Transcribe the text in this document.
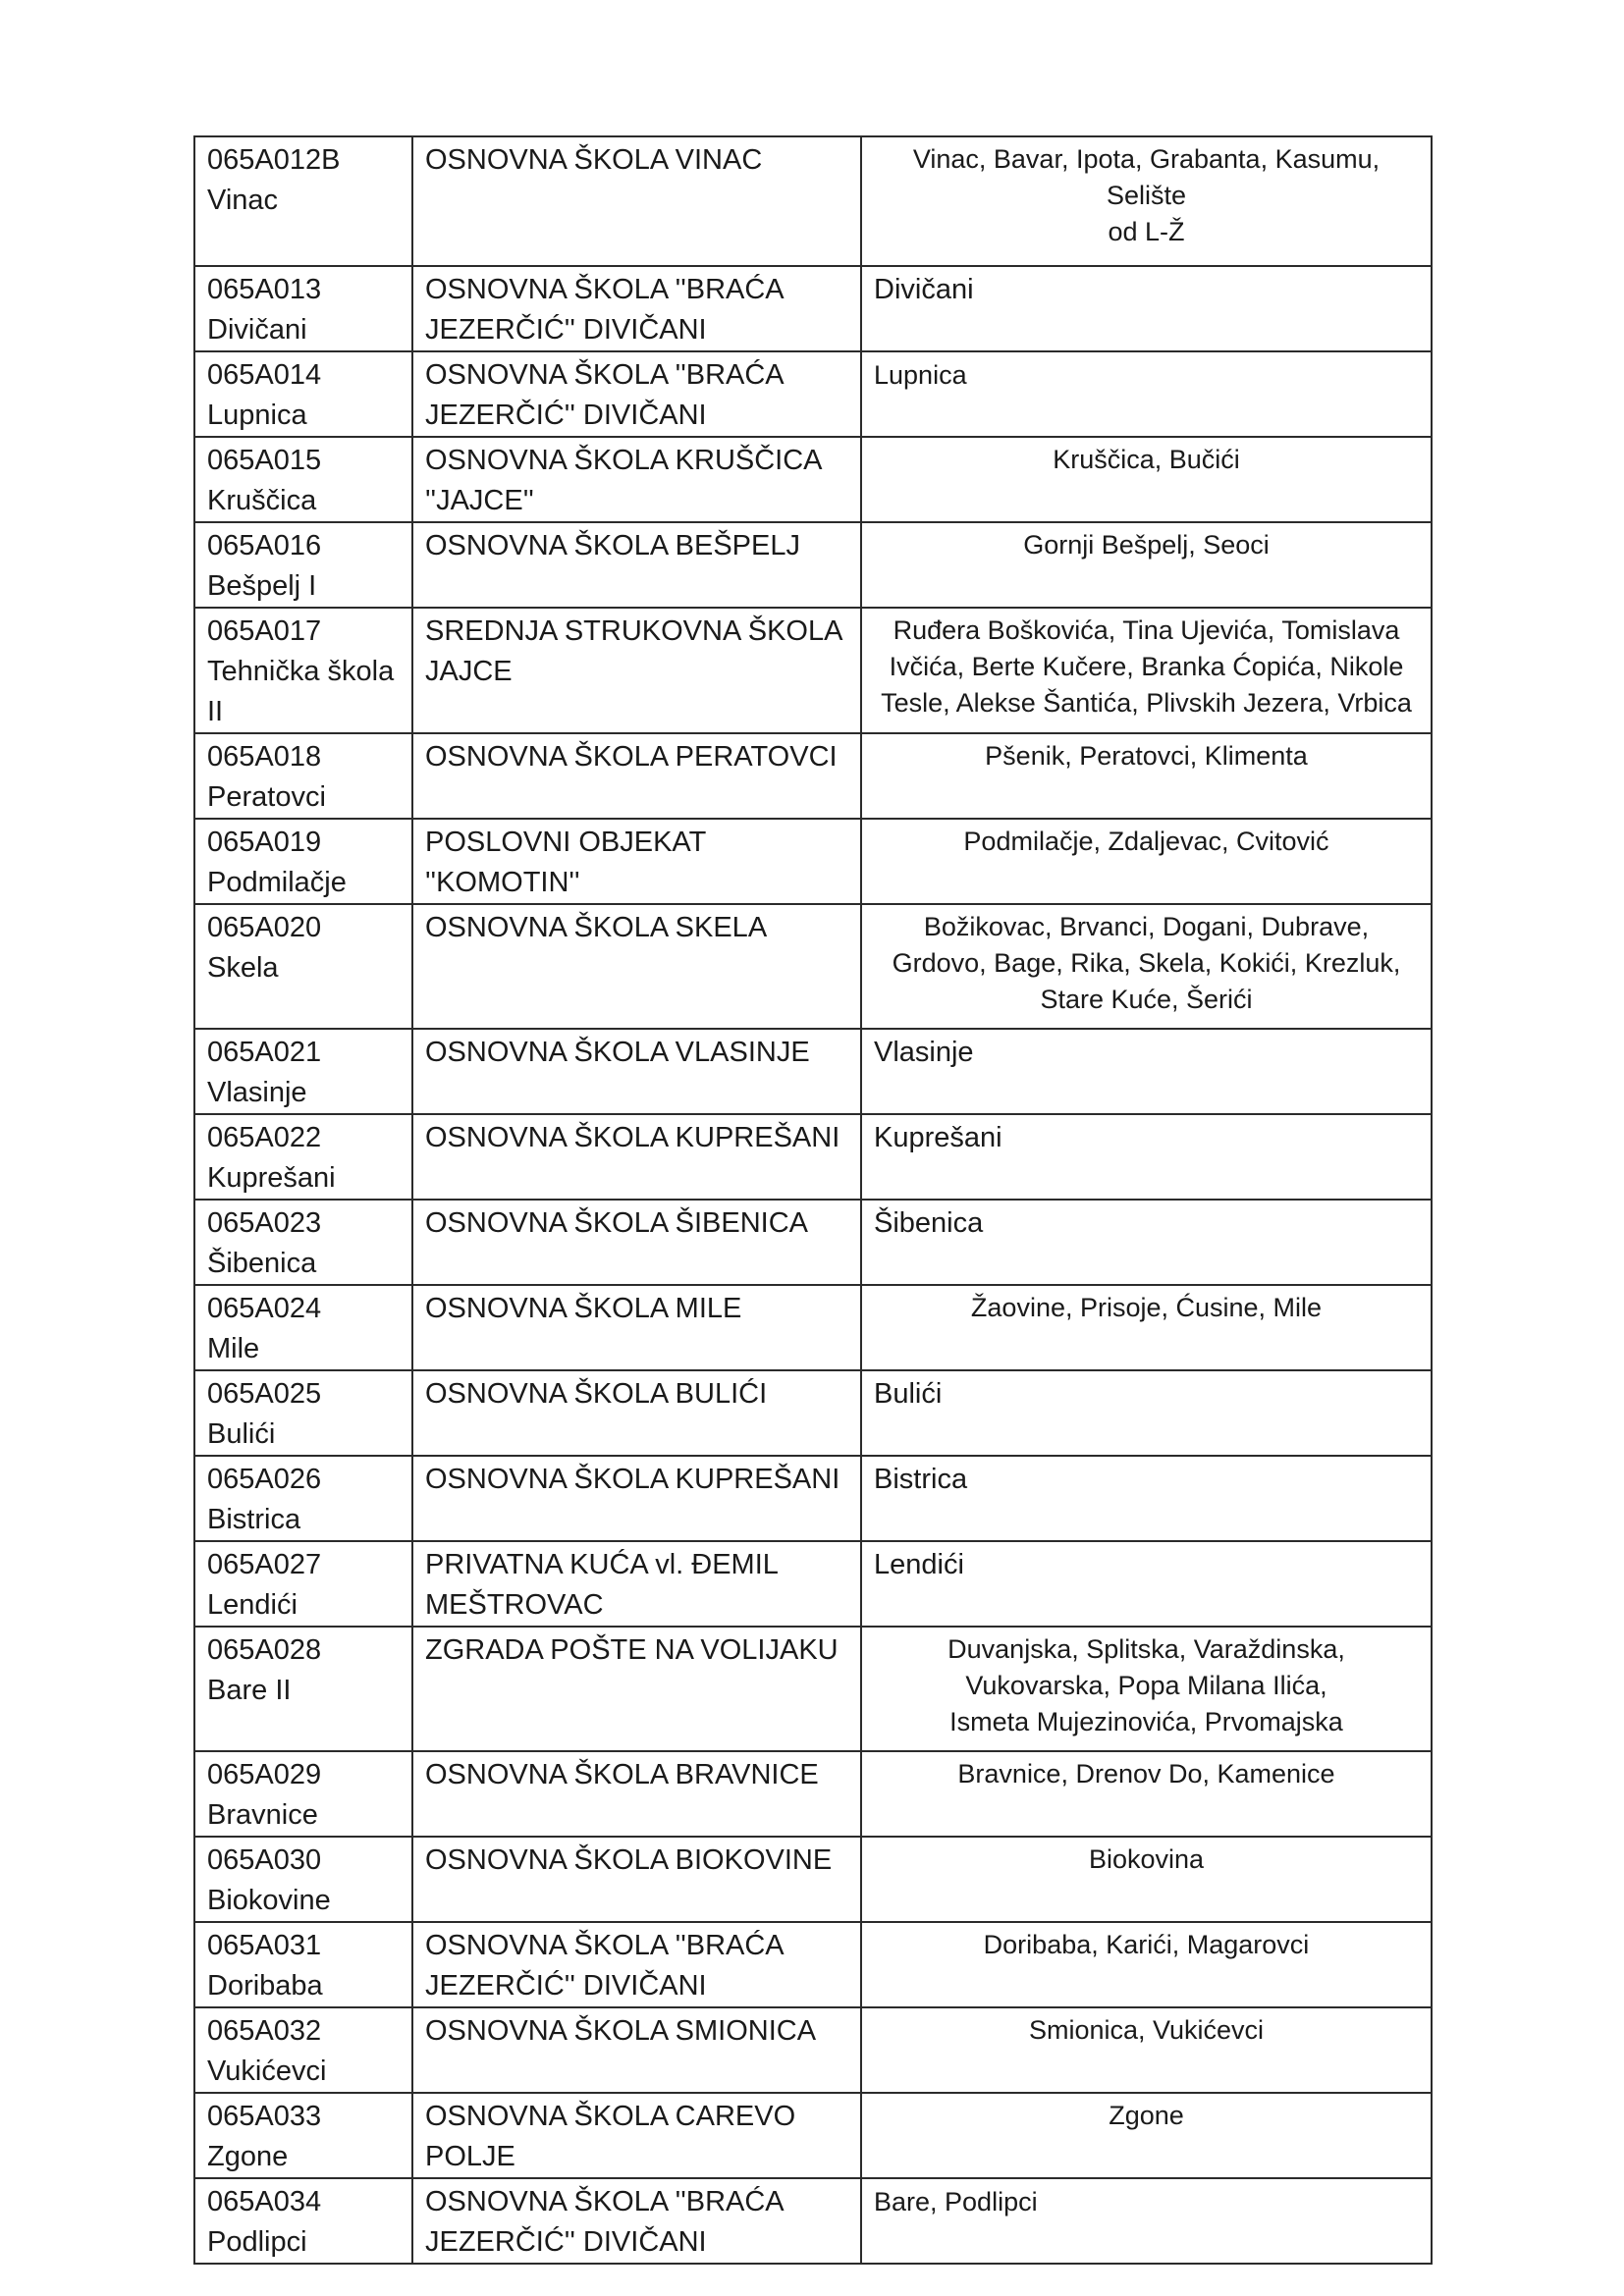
065A012B
Vinac	OSNOVNA ŠKOLA VINAC	Vinac, Bavar, Ipota, Grabanta, Kasumu,
Selište
od L-Ž

065A013
Divičani	OSNOVNA ŠKOLA ''BRAĆA JEZERČIĆ'' DIVIČANI	Divičani

065A014
Lupnica	OSNOVNA ŠKOLA ''BRAĆA JEZERČIĆ'' DIVIČANI	Lupnica

065A015
Kruščica	OSNOVNA ŠKOLA KRUŠČICA ''JAJCE''	Kruščica, Bučići

065A016
Bešpelj I	OSNOVNA ŠKOLA BEŠPELJ	Gornji Bešpelj, Seoci

065A017
Tehnička škola II	SREDNJA STRUKOVNA ŠKOLA JAJCE	Ruđera Boškovića, Tina Ujevića, Tomislava
Ivčića, Berte Kučere, Branka Ćopića, Nikole
Tesle, Alekse Šantića, Plivskih Jezera, Vrbica

065A018
Peratovci	OSNOVNA ŠKOLA PERATOVCI	Pšenik, Peratovci, Klimenta

065A019
Podmilačje	POSLOVNI OBJEKAT ''KOMOTIN''	Podmilačje, Zdaljevac, Cvitović

065A020
Skela	OSNOVNA ŠKOLA SKELA	Božikovac, Brvanci, Dogani, Dubrave,
Grdovo, Bage, Rika, Skela, Kokići, Krezluk,
Stare Kuće, Šerići

065A021
Vlasinje	OSNOVNA ŠKOLA VLASINJE	Vlasinje

065A022
Kuprešani	OSNOVNA ŠKOLA KUPREŠANI	Kuprešani

065A023
Šibenica	OSNOVNA ŠKOLA ŠIBENICA	Šibenica

065A024
Mile	OSNOVNA ŠKOLA MILE	Žaovine, Prisoje, Ćusine, Mile

065A025
Bulići	OSNOVNA ŠKOLA BULIĆI	Bulići

065A026
Bistrica	OSNOVNA ŠKOLA KUPREŠANI	Bistrica

065A027
Lendići	PRIVATNA KUĆA vl. ĐEMIL MEŠTROVAC	Lendići

065A028
Bare II	ZGRADA POŠTE NA VOLIJAKU	Duvanjska, Splitska, Varaždinska,
Vukovarska, Popa Milana Ilića,
Ismeta Mujezinovića, Prvomajska

065A029
Bravnice	OSNOVNA ŠKOLA BRAVNICE	Bravnice, Drenov Do, Kamenice

065A030
Biokovine	OSNOVNA ŠKOLA BIOKOVINE	Biokovina

065A031
Doribaba	OSNOVNA ŠKOLA ''BRAĆA JEZERČIĆ'' DIVIČANI	Doribaba, Karići, Magarovci

065A032
Vukićevci	OSNOVNA ŠKOLA SMIONICA	Smionica, Vukićevci

065A033
Zgone	OSNOVNA ŠKOLA CAREVO POLJE	Zgone

065A034
Podlipci	OSNOVNA ŠKOLA ''BRAĆA JEZERČIĆ'' DIVIČANI	Bare, Podlipci
